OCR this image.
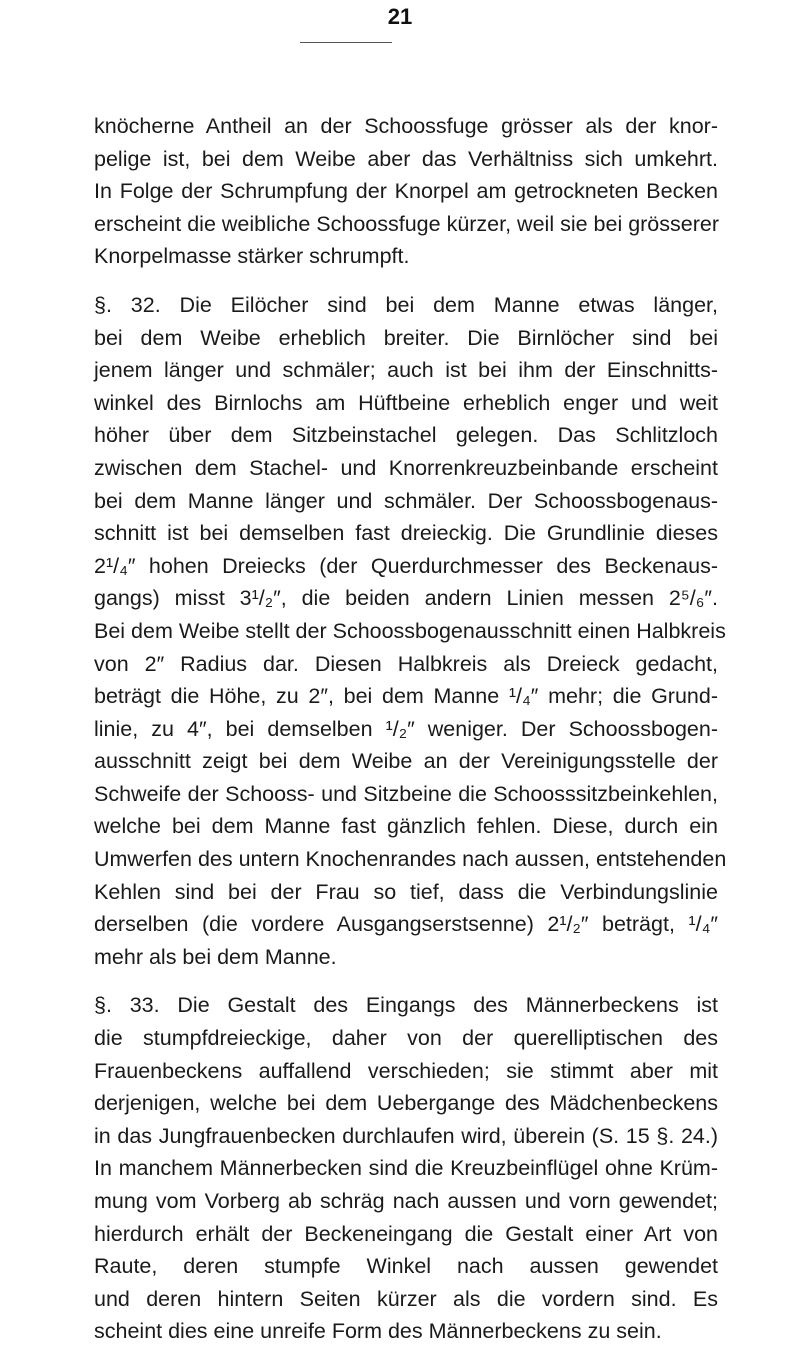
21
knöcherne Antheil an der Schoossfuge grösser als der knor-
pelige ist, bei dem Weibe aber das Verhältniss sich umkehrt.
In Folge der Schrumpfung der Knorpel am getrockneten Becken
erscheint die weibliche Schoossfuge kürzer, weil sie bei grösserer
Knorpelmasse stärker schrumpft.
§. 32. Die Eilöcher sind bei dem Manne etwas länger,
bei dem Weibe erheblich breiter. Die Birnlöcher sind bei
jenem länger und schmäler; auch ist bei ihm der Einschnitts-
winkel des Birnlochs am Hüftbeine erheblich enger und weit
höher über dem Sitzbeinstachel gelegen. Das Schlitzloch
zwischen dem Stachel- und Knorrenkreuzbeinbande erscheint
bei dem Manne länger und schmäler. Der Schoossbogenaus-
schnitt ist bei demselben fast dreieckig. Die Grundlinie dieses
2¹/₄″ hohen Dreiecks (der Querdurchmesser des Beckenaus-
gangs) misst 3¹/₂″, die beiden andern Linien messen 2⁵/₆″.
Bei dem Weibe stellt der Schoossbogenausschnitt einen Halbkreis
von 2″ Radius dar. Diesen Halbkreis als Dreieck gedacht,
beträgt die Höhe, zu 2″, bei dem Manne ¹/₄″ mehr; die Grund-
linie, zu 4″, bei demselben ¹/₂″ weniger. Der Schoossbogen-
ausschnitt zeigt bei dem Weibe an der Vereinigungsstelle der
Schweife der Schooss- und Sitzbeine die Schoosssitzbeinkehlen,
welche bei dem Manne fast gänzlich fehlen. Diese, durch ein
Umwerfen des untern Knochenrandes nach aussen, entstehenden
Kehlen sind bei der Frau so tief, dass die Verbindungslinie
derselben (die vordere Ausgangserstsenne) 2¹/₂″ beträgt, ¹/₄″
mehr als bei dem Manne.
§. 33. Die Gestalt des Eingangs des Männerbeckens ist
die stumpfdreieckige, daher von der querelliptischen des
Frauenbeckens auffallend verschieden; sie stimmt aber mit
derjenigen, welche bei dem Uebergange des Mädchenbeckens
in das Jungfrauenbecken durchlaufen wird, überein (S. 15 §. 24.)
In manchem Männerbecken sind die Kreuzbeinflügel ohne Krüm-
mung vom Vorberg ab schräg nach aussen und vorn gewendet;
hierdurch erhält der Beckeneingang die Gestalt einer Art von
Raute, deren stumpfe Winkel nach aussen gewendet
und deren hintern Seiten kürzer als die vordern sind. Es
scheint dies eine unreife Form des Männerbeckens zu sein.
